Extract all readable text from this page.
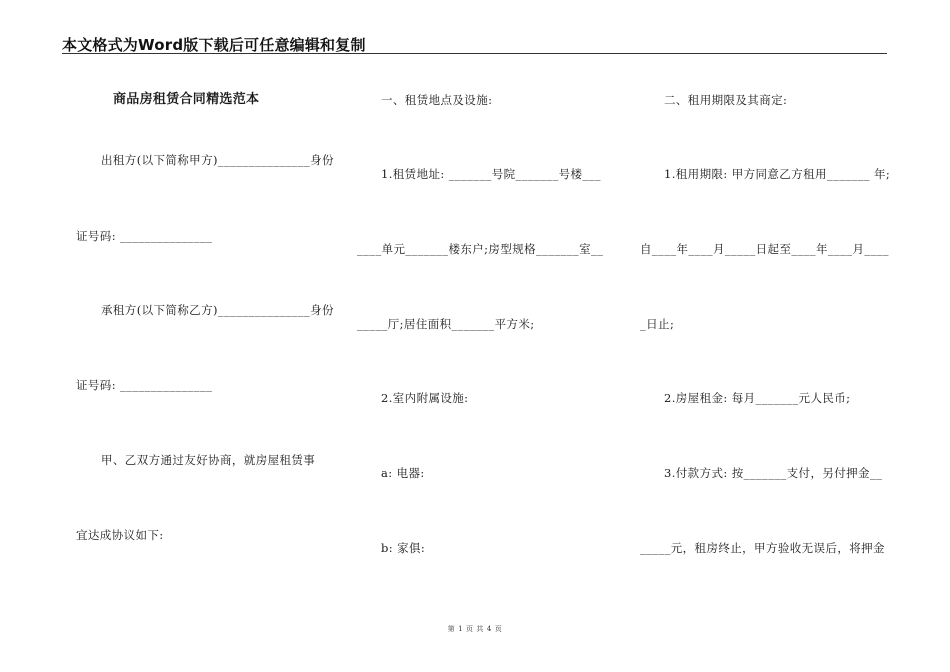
本文格式为Word版下载后可任意编辑和复制
商品房租赁合同精选范本
出租方(以下简称甲方)_______________身份
证号码: _______________
承租方(以下简称乙方)_______________身份
证号码: _______________
甲、乙双方通过友好协商，就房屋租赁事
宜达成协议如下:
一、租赁地点及设施:
1.租赁地址: _______号院_______号楼___
____单元_______楼东户;房型规格_______室__
_____厅;居住面积_______平方米;
2.室内附属设施:
a: 电器:
b: 家俱:
二、租用期限及其商定:
1.租用期限: 甲方同意乙方租用_______ 年;
自____年____月_____日起至____年____月____
_日止;
2.房屋租金: 每月_______元人民币;
3.付款方式: 按_______支付，另付押金__
_____元，租房终止，甲方验收无误后，将押金
第 1 页 共 4 页
